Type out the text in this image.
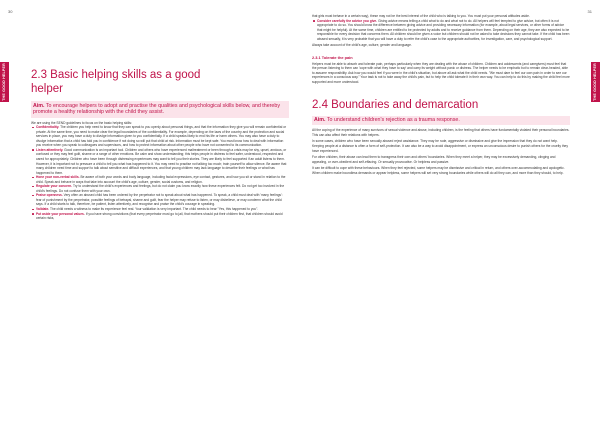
30
THE GOOD HELPER 2.3 Basic helping skills as a good helper
Aim. To encourage helpers to adopt and practise the qualities and psychological skills below, and thereby promote a healthy relationship with the child they assist.

We are using the SEND guidelines to focus on the basic helping skills:

Confidentiality. The children you help need to know that they can speak to you openly about personal things, and that the information they give you will remain confidential or private. At the same time, you need to make clear the legal boundaries of the confidentiality. For example, depending on the laws of the country and the protection and social services in place, you may have a duty to divulge information given to you confidentially. If a child speaks likely to end his life or harm others. You may also have a duty to divulge information that a child has told you in confidence if not doing so will put that child at risk. Information must be kept safe. You must know how to deal with information you receive when you speak to colleagues and supervisors, and how to protect information about other people who have not consented to its communication.
Listen attentively. Good communication is an important tool. Children and others who have experienced maltreatment or been through a crisis may be shy, upset, anxious, or confused or they may feel guilt, shame or a range of other emotions. Be calm and show understanding; this helps people in distress to feel safer, understood, respected and cared for appropriately. Children who have been through distressing experiences may want to tell you their stories. They are likely to feel supported if an adult listens to them. However, it is important not to pressure a child to tell you what has happened to it. You may need to practise not talking too much; train yourself to allow silence. Be aware that many children need time and support to talk about sensitive and difficult experiences, and that young children may lack language to describe their feelings or what has happened to them.
Hone your non-verbal skills. Be aware of both your words and body language, including facial expressions, eye contact, gestures, and how you sit or stand in relation to the child. Speak and behave in ways that take into account the child's age, culture, gender, social customs, and religion.
Regulate your concern. Try to understand the child's experiences and feelings, but do not claim you know exactly how these experiences felt. Do not get too involved in the child's feelings. Do not confuse them with your own.
Praise openness. Very often an abused child has been ordered by the perpetrator not to speak about what has happened. To speak, a child must deal with 'many feelings': fear of punishment by the perpetrator, possible feelings of betrayal, shame and guilt, fear the helper may refuse to listen, or may disbelieve, or may condemn what the child says. If a child starts to talk, therefore, be patient, listen attentively, and recognise and praise the child's courage in speaking.
Validate. The child needs a witness to make its experience feel real. Your validation is very important. The child needs to hear "Yes, this happened to you".
Put aside your personal values. If you have strong convictions (that every perpetrator must go to jail, that mothers should put their children first, that children should avoid certain risks,
31
THE GOOD HELPER

that girls must behave in a certain way), these may not be the best interest of the child who is talking to you. You must put your personal attitudes aside.

Consider carefully the advice you give. Giving advice means telling a child what to do and what not to do. All helpers will feel tempted to give advice, but often it is not appropriate to do so. You should know the difference between giving advice and providing necessary information (for example, about legal services, or other forms of advice that might be helpful). At the same time, children are entitled to be protected by adults and to receive guidance from them. Depending on their age, they are also expected to be responsible for every decision that concerns them. All children should be given a voice but children should not be asked to take decisions they cannot take. If the child has been abused sexually, it is very probable that you will have a duty to refer the child's case to the appropriate authorities, for investigation, care, and psychological support.

Always take account of the child's age, culture, gender and language.

2.3.1 Tolerate the pain

Helpers must be able to absorb and tolerate pain, perhaps particularly when they are dealing with the abuse of children. Children and adolescents (and caregivers) must feel that the person listening to them can 'cope with what they have to say' and carry its weight without panic or distress. The helper needs to be emphatic but to remain clear-headed, able to assume responsibility. Ask how you would feel if you were in the child's situation, but above all ask what the child needs. "We must dare to feel our own pain in order to see our experiences in a conscious way." Your task is not to take away the child's pain, but to help the child tolerate it in their own way. You can help to do this by making the child feel more supported and more understood.

2.4 Boundaries and demarcation
Aim. To understand children's rejection as a trauma response.

All the coping of the experience of many survivors of sexual violence and abuse, including children, is the feeling that others have fundamentally violated their personal boundaries. This can also affect their relations with helpers.

In some cases, children who have been sexually abused reject assistance. They may be rude, aggressive or dismissive and give the impression that they do not want help. Keeping people at a distance is often a form of self-protection. It can also be a way to avoid disappointment, or express an unconscious desire to punish others for the cruelty they have experienced.

For other children, their abuse can lead them to transgress their own and others' boundaries. When they meet a helper, they may be excessively demanding, clinging and appealing, or over-obedient and self-effacing. Or sexually provocative. Or helpless and passive.

It can be difficult to cope with these behaviours. When they feel rejected, some helpers may be dismissive and critical in return, and others over-accommodating and apologetic. When children make boundless demands or appear helpless, some helpers will set very strong boundaries while others will do all they can, and more than they should, to help.
